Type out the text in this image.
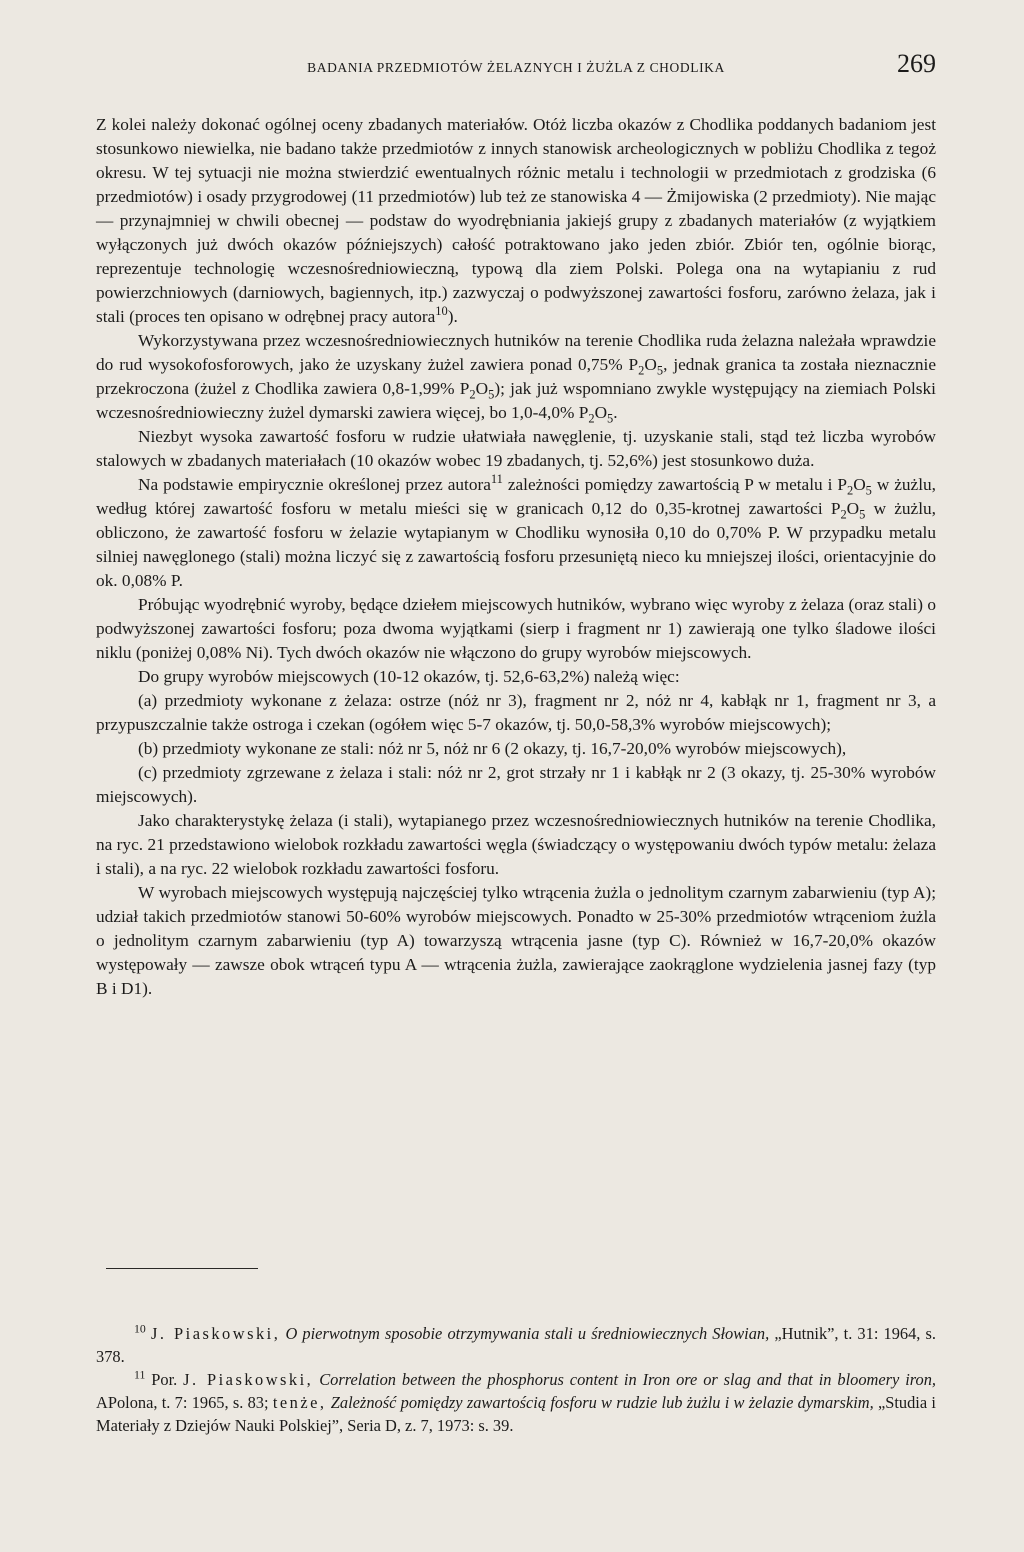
BADANIA PRZEDMIOTÓW ŻELAZNYCH I ŻUŻLA Z CHODLIKA	269

Z kolei należy dokonać ogólnej oceny zbadanych materiałów. Otóż liczba okazów z Chodlika poddanych badaniom jest stosunkowo niewielka, nie badano także przedmiotów z innych stanowisk archeologicznych w pobliżu Chodlika z tegoż okresu. W tej sytuacji nie można stwierdzić ewentualnych różnic metalu i technologii w przedmiotach z grodziska (6 przedmiotów) i osady przygrodowej (11 przedmiotów) lub też ze stanowiska 4 — Żmijowiska (2 przedmioty). Nie mając — przynajmniej w chwili obecnej — podstaw do wyodrębniania jakiejś grupy z zbadanych materiałów (z wyjątkiem wyłączonych już dwóch okazów późniejszych) całość potraktowano jako jeden zbiór. Zbiór ten, ogólnie biorąc, reprezentuje technologię wczesnośredniowieczną, typową dla ziem Polski. Polega ona na wytapianiu z rud powierzchniowych (darniowych, bagiennych, itp.) zazwyczaj o podwyższonej zawartości fosforu, zarówno żelaza, jak i stali (proces ten opisano w odrębnej pracy autora$^{10}$).

Wykorzystywana przez wczesnośredniowiecznych hutników na terenie Chodlika ruda żelazna należała wprawdzie do rud wysokofosforowych, jako że uzyskany żużel zawiera ponad 0,75% $P_2O_5$, jednak granica ta została nieznacznie przekroczona (żużel z Chodlika zawiera 0,8-1,99% $P_2O_5$); jak już wspomniano zwykle występujący na ziemiach Polski wczesnośredniowieczny żużel dymarski zawiera więcej, bo 1,0-4,0% $P_2O_5$.

Niezbyt wysoka zawartość fosforu w rudzie ułatwiała nawęglenie, tj. uzyskanie stali, stąd też liczba wyrobów stalowych w zbadanych materiałach (10 okazów wobec 19 zbadanych, tj. 52,6%) jest stosunkowo duża.

Na podstawie empirycznie określonej przez autora$^{11}$ zależności pomiędzy zawartością P w metalu i $P_2O_5$ w żużlu, według której zawartość fosforu w metalu mieści się w granicach 0,12 do 0,35-krotnej zawartości $P_2O_5$ w żużlu, obliczono, że zawartość fosforu w żelazie wytapianym w Chodliku wynosiła 0,10 do 0,70% P. W przypadku metalu silniej nawęglonego (stali) można liczyć się z zawartością fosforu przesuniętą nieco ku mniejszej ilości, orientacyjnie do ok. 0,08% P.

Próbując wyodrębnić wyroby, będące dziełem miejscowych hutników, wybrano więc wyroby z żelaza (oraz stali) o podwyższonej zawartości fosforu; poza dwoma wyjątkami (sierp i fragment nr 1) zawierają one tylko śladowe ilości niklu (poniżej 0,08% Ni). Tych dwóch okazów nie włączono do grupy wyrobów miejscowych.

Do grupy wyrobów miejscowych (10-12 okazów, tj. 52,6-63,2%) należą więc:

(a) przedmioty wykonane z żelaza: ostrze (nóż nr 3), fragment nr 2, nóż nr 4, kabłąk nr 1, fragment nr 3, a przypuszczalnie także ostroga i czekan (ogółem więc 5-7 okazów, tj. 50,0-58,3% wyrobów miejscowych);

(b) przedmioty wykonane ze stali: nóż nr 5, nóż nr 6 (2 okazy, tj. 16,7-20,0% wyrobów miejscowych),

(c) przedmioty zgrzewane z żelaza i stali: nóż nr 2, grot strzały nr 1 i kabłąk nr 2 (3 okazy, tj. 25-30% wyrobów miejscowych).

Jako charakterystykę żelaza (i stali), wytapianego przez wczesnośredniowiecznych hutników na terenie Chodlika, na ryc. 21 przedstawiono wielobok rozkładu zawartości węgla (świadczący o występowaniu dwóch typów metalu: żelaza i stali), a na ryc. 22 wielobok rozkładu zawartości fosforu.

W wyrobach miejscowych występują najczęściej tylko wtrącenia żużla o jednolitym czarnym zabarwieniu (typ A); udział takich przedmiotów stanowi 50-60% wyrobów miejscowych. Ponadto w 25-30% przedmiotów wtrąceniom żużla o jednolitym czarnym zabarwieniu (typ A) towarzyszą wtrącenia jasne (typ C). Również w 16,7-20,0% okazów występowały — zawsze obok wtrąceń typu A — wtrącenia żużla, zawierające zaokrąglone wydzielenia jasnej fazy (typ B i D1).

$^{10}$ J. Piaskowski, O pierwotnym sposobie otrzymywania stali u średniowiecznych Słowian, „Hutnik”, t. 31: 1964, s. 378.

$^{11}$ Por. J. Piaskowski, Correlation between the phosphorus content in Iron ore or slag and that in bloomery iron, APolona, t. 7: 1965, s. 83; tenże, Zależność pomiędzy zawartością fosforu w rudzie lub żużlu i w żelazie dymarskim, „Studia i Materiały z Dziejów Nauki Polskiej”, Seria D, z. 7, 1973: s. 39.
